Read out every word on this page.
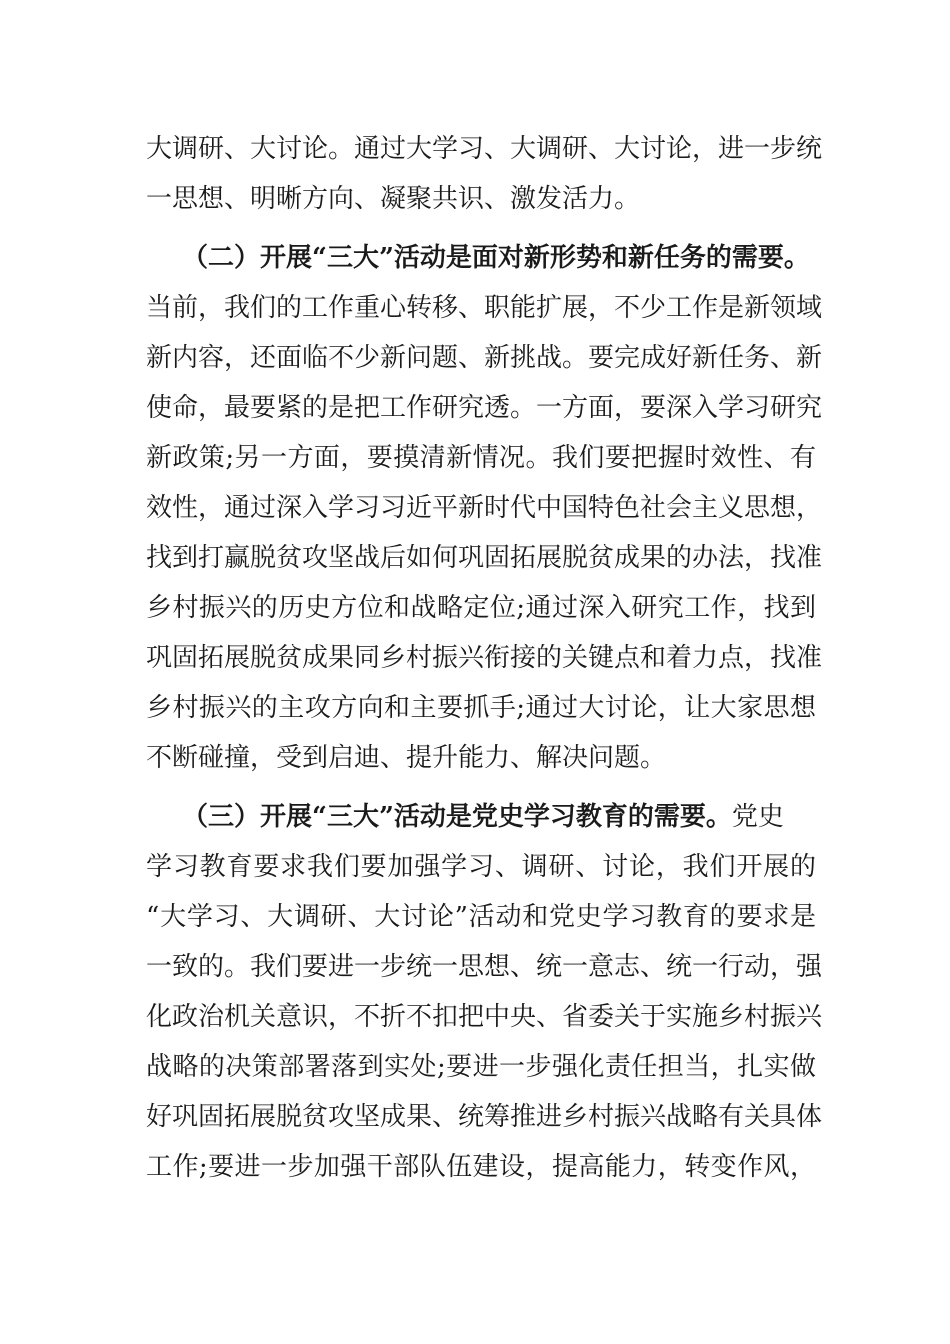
大调研、大讨论。通过大学习、大调研、大讨论，进一步统
一思想、明晰方向、凝聚共识、激发活力。
（二）开展“三大”活动是面对新形势和新任务的需要。
当前，我们的工作重心转移、职能扩展，不少工作是新领域
新内容，还面临不少新问题、新挑战。要完成好新任务、新
使命，最要紧的是把工作研究透。一方面，要深入学习研究
新政策;另一方面，要摸清新情况。我们要把握时效性、有
效性，通过深入学习习近平新时代中国特色社会主义思想，
找到打赢脱贫攻坚战后如何巩固拓展脱贫成果的办法，找准
乡村振兴的历史方位和战略定位;通过深入研究工作，找到
巩固拓展脱贫成果同乡村振兴衔接的关键点和着力点，找准
乡村振兴的主攻方向和主要抓手;通过大讨论，让大家思想
不断碰撞，受到启迪、提升能力、解决问题。
（三）开展“三大”活动是党史学习教育的需要。党史
学习教育要求我们要加强学习、调研、讨论，我们开展的
“大学习、大调研、大讨论”活动和党史学习教育的要求是
一致的。我们要进一步统一思想、统一意志、统一行动，强
化政治机关意识，不折不扣把中央、省委关于实施乡村振兴
战略的决策部署落到实处;要进一步强化责任担当，扎实做
好巩固拓展脱贫攻坚成果、统筹推进乡村振兴战略有关具体
工作;要进一步加强干部队伍建设，提高能力，转变作风，
